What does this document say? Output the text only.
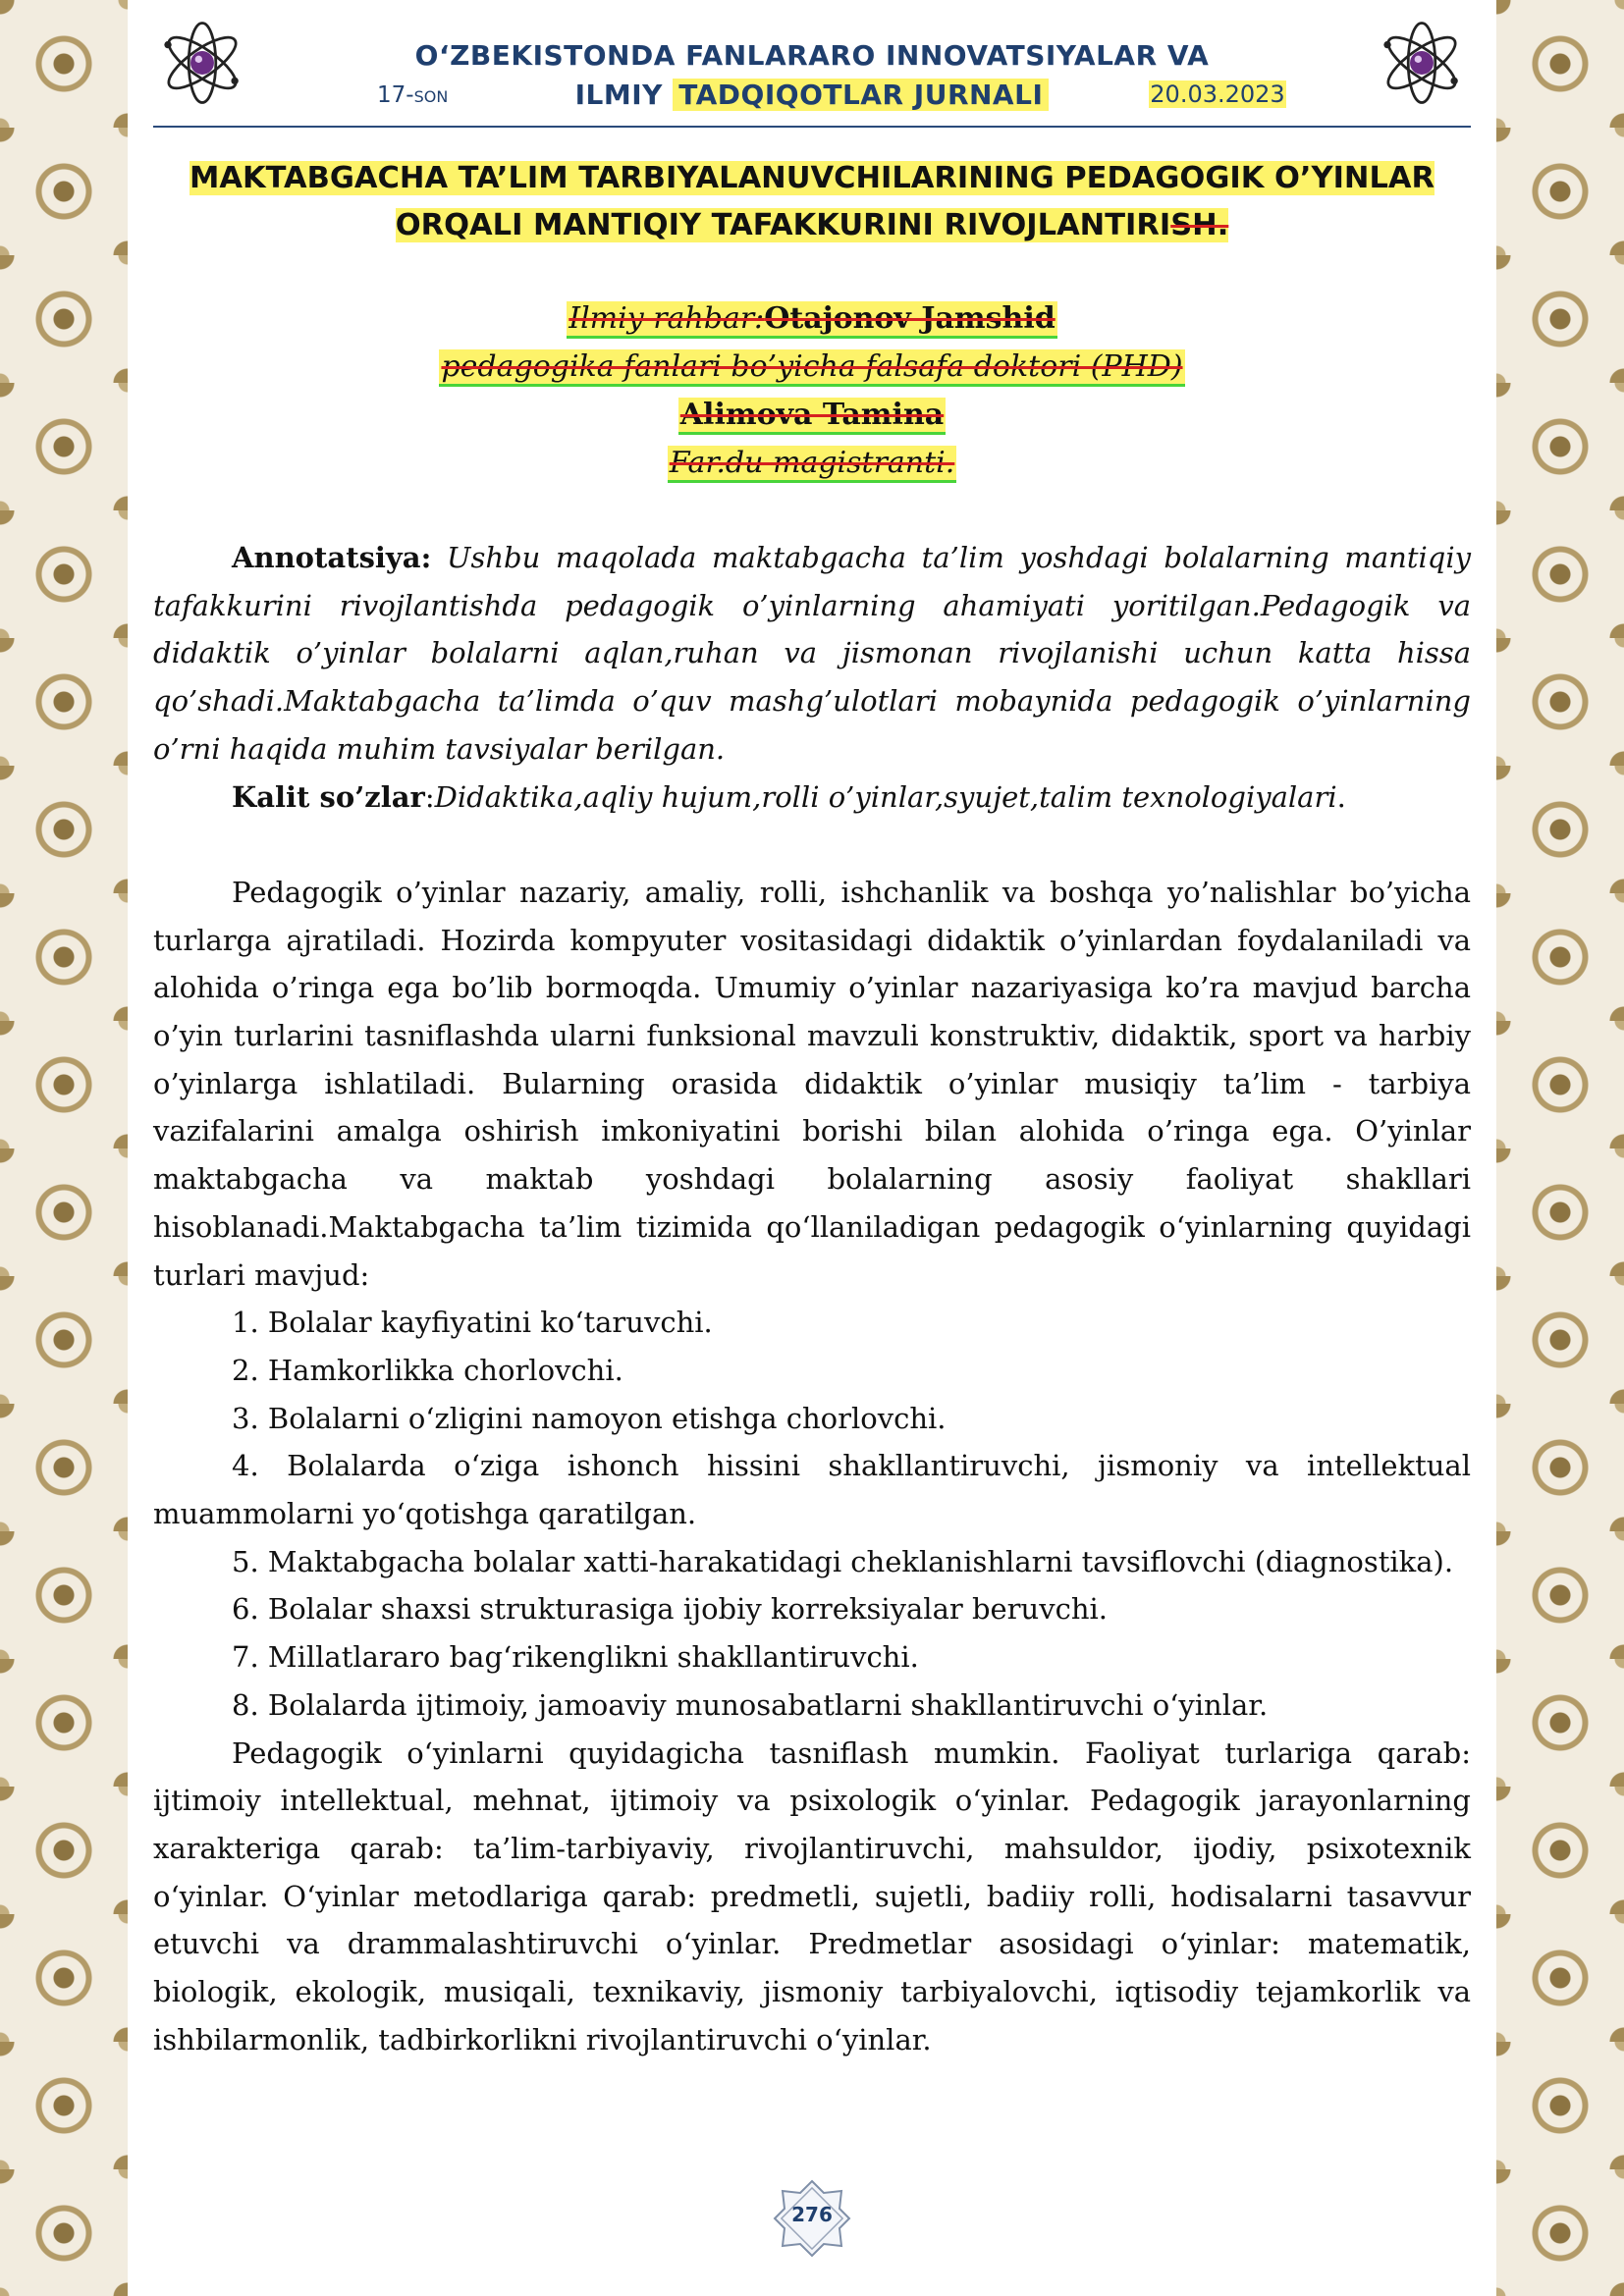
O‘ZBEKISTONDA FANLARARO INNOVATSIYALAR VA
ILMIY TADQIQOTLAR JURNALI
17-SON	20.03.2023
MAKTABGACHA TA’LIM TARBIYALANUVCHILARINING PEDAGOGIK O’YINLAR
ORQALI MANTIQIY TAFAKKURINI RIVOJLANTIRISH.
Ilmiy rahbar:Otajonov Jamshid
pedagogika fanlari bo’yicha falsafa doktori (PHD)
Alimova Tamina
Far.du magistranti.

Annotatsiya: Ushbu maqolada maktabgacha ta’lim yoshdagi bolalarning mantiqiy tafakkurini rivojlantishda pedagogik o’yinlarning ahamiyati yoritilgan.Pedagogik va didaktik o’yinlar bolalarni aqlan,ruhan va jismonan rivojlanishi uchun katta hissa qo’shadi.Maktabgacha ta’limda o’quv mashg’ulotlari mobaynida pedagogik o’yinlarning o’rni haqida muhim tavsiyalar berilgan.

Kalit so’zlar:Didaktika,aqliy hujum,rolli o’yinlar,syujet,talim texnologiyalari.

Pedagogik o’yinlar nazariy, amaliy, rolli, ishchanlik va boshqa yo’nalishlar bo’yicha turlarga ajratiladi. Hozirda kompyuter vositasidagi didaktik o’yinlardan foydalaniladi va alohida o’ringa ega bo’lib bormoqda. Umumiy o’yinlar nazariyasiga ko’ra mavjud barcha o’yin turlarini tasniflashda ularni funksional mavzuli konstruktiv, didaktik, sport va harbiy o’yinlarga ishlatiladi. Bularning orasida didaktik o’yinlar musiqiy ta’lim - tarbiya vazifalarini amalga oshirish imkoniyatini borishi bilan alohida o’ringa ega. O’yinlar maktabgacha va maktab yoshdagi bolalarning asosiy faoliyat shakllari hisoblanadi.Maktabgacha ta’lim tizimida qo‘llaniladigan pedagogik o‘yinlarning quyidagi turlari mavjud:

1. Bolalar kayfiyatini ko‘taruvchi.

2. Hamkorlikka chorlovchi.

3. Bolalarni o‘zligini namoyon etishga chorlovchi.

4. Bolalarda o‘ziga ishonch hissini shakllantiruvchi, jismoniy va intellektual muammolarni yo‘qotishga qaratilgan.

5. Maktabgacha bolalar xatti-harakatidagi cheklanishlarni tavsiflovchi (diagnostika).

6. Bolalar shaxsi strukturasiga ijobiy korreksiyalar beruvchi.

7. Millatlararo bag‘rikenglikni shakllantiruvchi.

8. Bolalarda ijtimoiy, jamoaviy munosabatlarni shakllantiruvchi o‘yinlar.

Pedagogik o‘yinlarni quyidagicha tasniflash mumkin. Faoliyat turlariga qarab: ijtimoiy intellektual, mehnat, ijtimoiy va psixologik o‘yinlar. Pedagogik jarayonlarning xarakteriga qarab: ta’lim-tarbiyaviy, rivojlantiruvchi, mahsuldor, ijodiy, psixotexnik o‘yinlar. O‘yinlar metodlariga qarab: predmetli, sujetli, badiiy rolli, hodisalarni tasavvur etuvchi va drammalashtiruvchi o‘yinlar. Predmetlar asosidagi o‘yinlar: matematik, biologik, ekologik, musiqali, texnikaviy, jismoniy tarbiyalovchi, iqtisodiy tejamkorlik va ishbilarmonlik, tadbirkorlikni rivojlantiruvchi o‘yinlar.

276
